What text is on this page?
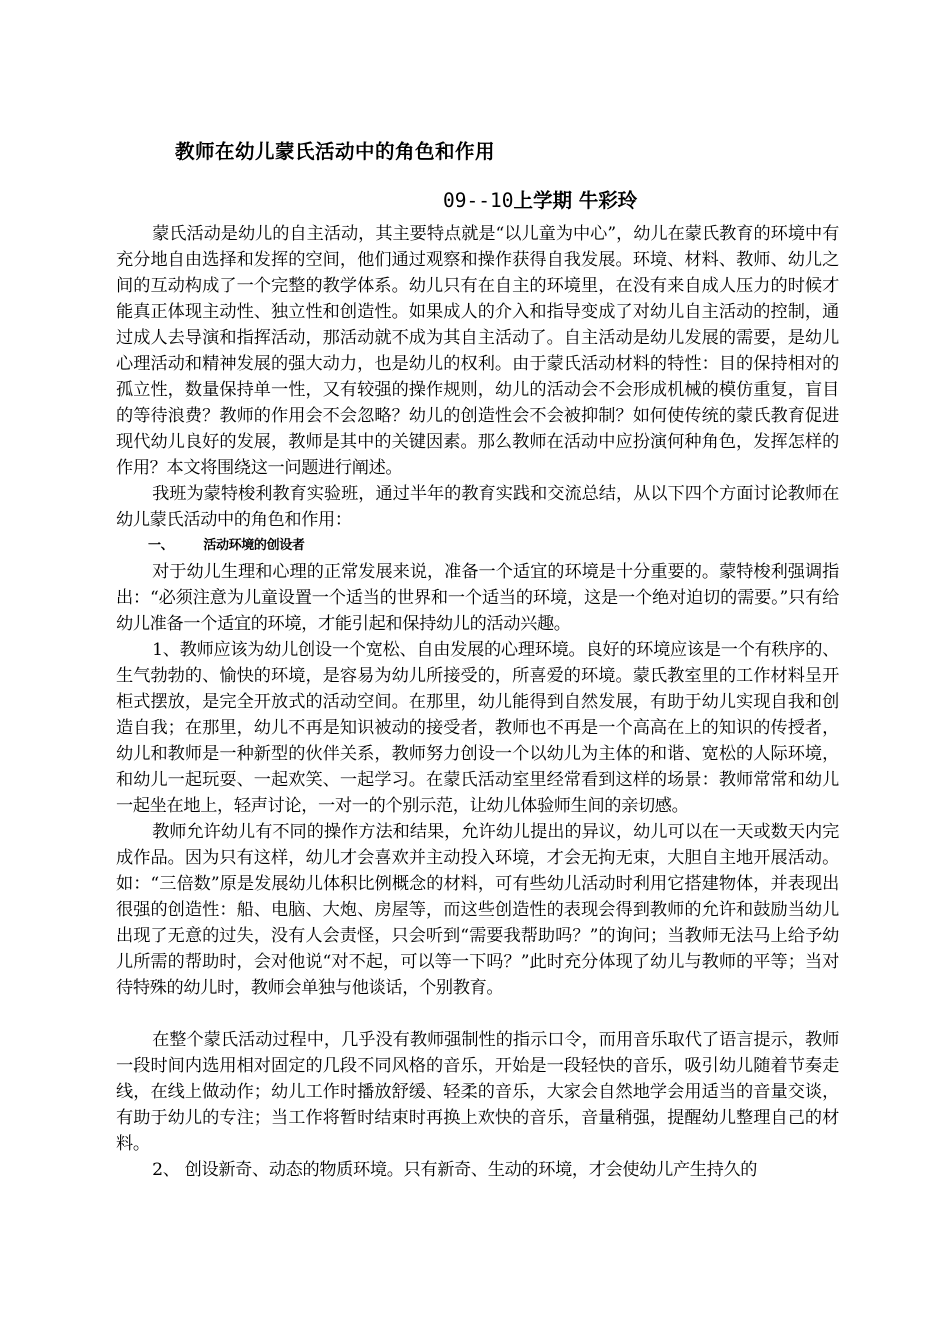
教师在幼儿蒙氏活动中的角色和作用
09--10上学期 牛彩玲

蒙氏活动是幼儿的自主活动，其主要特点就是“以儿童为中心”，幼儿在蒙氏教育的环境中有充分地自由选择和发挥的空间，他们通过观察和操作获得自我发展。环境、材料、教师、幼儿之间的互动构成了一个完整的教学体系。幼儿只有在自主的环境里，在没有来自成人压力的时候才能真正体现主动性、独立性和创造性。如果成人的介入和指导变成了对幼儿自主活动的控制，通过成人去导演和指挥活动，那活动就不成为其自主活动了。自主活动是幼儿发展的需要，是幼儿心理活动和精神发展的强大动力，也是幼儿的权利。由于蒙氏活动材料的特性：目的保持相对的孤立性，数量保持单一性，又有较强的操作规则，幼儿的活动会不会形成机械的模仿重复，盲目的等待浪费？教师的作用会不会忽略？幼儿的创造性会不会被抑制？如何使传统的蒙氏教育促进现代幼儿良好的发展，教师是其中的关键因素。那么教师在活动中应扮演何种角色，发挥怎样的作用？本文将围绕这一问题进行阐述。

我班为蒙特梭利教育实验班，通过半年的教育实践和交流总结，从以下四个方面讨论教师在幼儿蒙氏活动中的角色和作用：

一、 活动环境的创设者

对于幼儿生理和心理的正常发展来说，准备一个适宜的环境是十分重要的。蒙特梭利强调指出：“必须注意为儿童设置一个适当的世界和一个适当的环境，这是一个绝对迫切的需要。”只有给幼儿准备一个适宜的环境，才能引起和保持幼儿的活动兴趣。

1、教师应该为幼儿创设一个宽松、自由发展的心理环境。良好的环境应该是一个有秩序的、生气勃勃的、愉快的环境，是容易为幼儿所接受的，所喜爱的环境。蒙氏教室里的工作材料呈开柜式摆放，是完全开放式的活动空间。在那里，幼儿能得到自然发展，有助于幼儿实现自我和创造自我；在那里，幼儿不再是知识被动的接受者，教师也不再是一个高高在上的知识的传授者，幼儿和教师是一种新型的伙伴关系，教师努力创设一个以幼儿为主体的和谐、宽松的人际环境，和幼儿一起玩耍、一起欢笑、一起学习。在蒙氏活动室里经常看到这样的场景：教师常常和幼儿一起坐在地上，轻声讨论，一对一的个别示范，让幼儿体验师生间的亲切感。

教师允许幼儿有不同的操作方法和结果，允许幼儿提出的异议，幼儿可以在一天或数天内完成作品。因为只有这样，幼儿才会喜欢并主动投入环境，才会无拘无束，大胆自主地开展活动。如：“三倍数”原是发展幼儿体积比例概念的材料，可有些幼儿活动时利用它搭建物体，并表现出很强的创造性：船、电脑、大炮、房屋等，而这些创造性的表现会得到教师的允许和鼓励当幼儿出现了无意的过失，没有人会责怪，只会听到“需要我帮助吗？”的询问；当教师无法马上给予幼儿所需的帮助时，会对他说“对不起，可以等一下吗？”此时充分体现了幼儿与教师的平等；当对待特殊的幼儿时，教师会单独与他谈话，个别教育。

在整个蒙氏活动过程中，几乎没有教师强制性的指示口令，而用音乐取代了语言提示，教师一段时间内选用相对固定的几段不同风格的音乐，开始是一段轻快的音乐，吸引幼儿随着节奏走线，在线上做动作；幼儿工作时播放舒缓、轻柔的音乐，大家会自然地学会用适当的音量交谈，有助于幼儿的专注；当工作将暂时结束时再换上欢快的音乐，音量稍强，提醒幼儿整理自己的材料。

2、 创设新奇、动态的物质环境。只有新奇、生动的环境，才会使幼儿产生持久的
